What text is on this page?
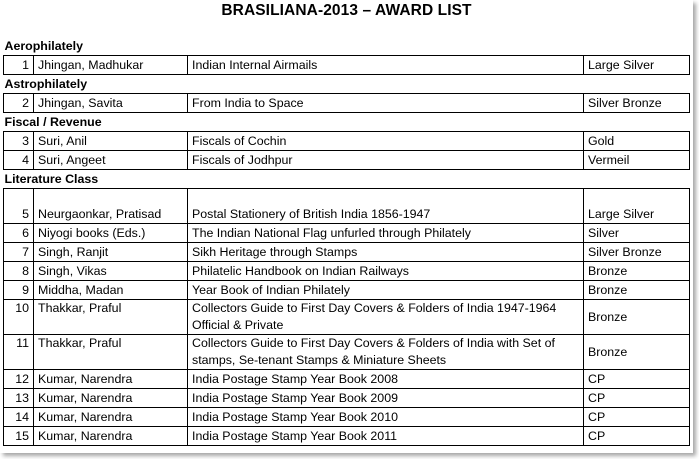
BRASILIANA-2013 – AWARD LIST
Aerophilately			
1	Jhingan, Madhukar	Indian Internal Airmails	Large Silver
Astrophilately			
2	Jhingan, Savita	From India to Space	Silver Bronze
Fiscal / Revenue			
3	Suri, Anil	Fiscals of Cochin	Gold
4	Suri, Angeet	Fiscals of Jodhpur	Vermeil
Literature Class			
5	Neurgaonkar, Pratisad	Postal Stationery of British India 1856-1947	Large Silver
6	Niyogi books (Eds.)	The Indian National Flag unfurled through Philately	Silver
7	Singh, Ranjit	Sikh Heritage through Stamps	Silver Bronze
8	Singh, Vikas	Philatelic Handbook on Indian Railways	Bronze
9	Middha, Madan	Year Book of Indian Philately	Bronze
10	Thakkar, Praful	Collectors Guide to First Day Covers & Folders of India 1947-1964 Official & Private	Bronze
11	Thakkar, Praful	Collectors Guide to First Day Covers & Folders of India with Set of stamps, Se-tenant Stamps & Miniature Sheets	Bronze
12	Kumar, Narendra	India Postage Stamp Year Book 2008	CP
13	Kumar, Narendra	India Postage Stamp Year Book 2009	CP
14	Kumar, Narendra	India Postage Stamp Year Book 2010	CP
15	Kumar, Narendra	India Postage Stamp Year Book 2011	CP
